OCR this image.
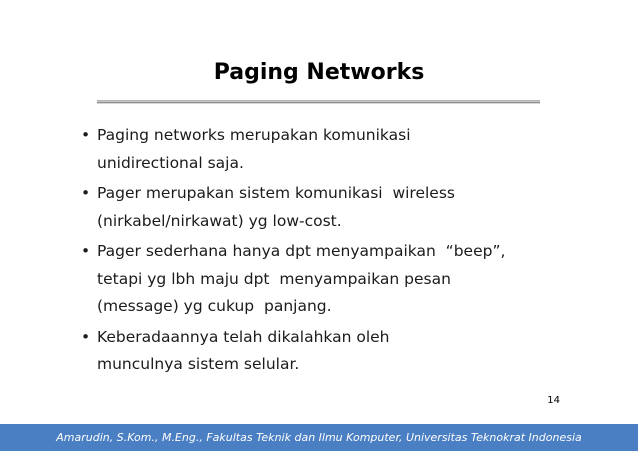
Paging Networks
• Paging networks merupakan komunikasi
unidirectional saja.
• Pager merupakan sistem komunikasi  wireless
(nirkabel/nirkawat) yg low-cost.
• Pager sederhana hanya dpt menyampaikan  “beep”,
tetapi yg lbh maju dpt  menyampaikan pesan
(message) yg cukup  panjang.
• Keberadaannya telah dikalahkan oleh
munculnya sistem selular.
14
Amarudin, S.Kom., M.Eng., Fakultas Teknik dan Ilmu Komputer, Universitas Teknokrat Indonesia
